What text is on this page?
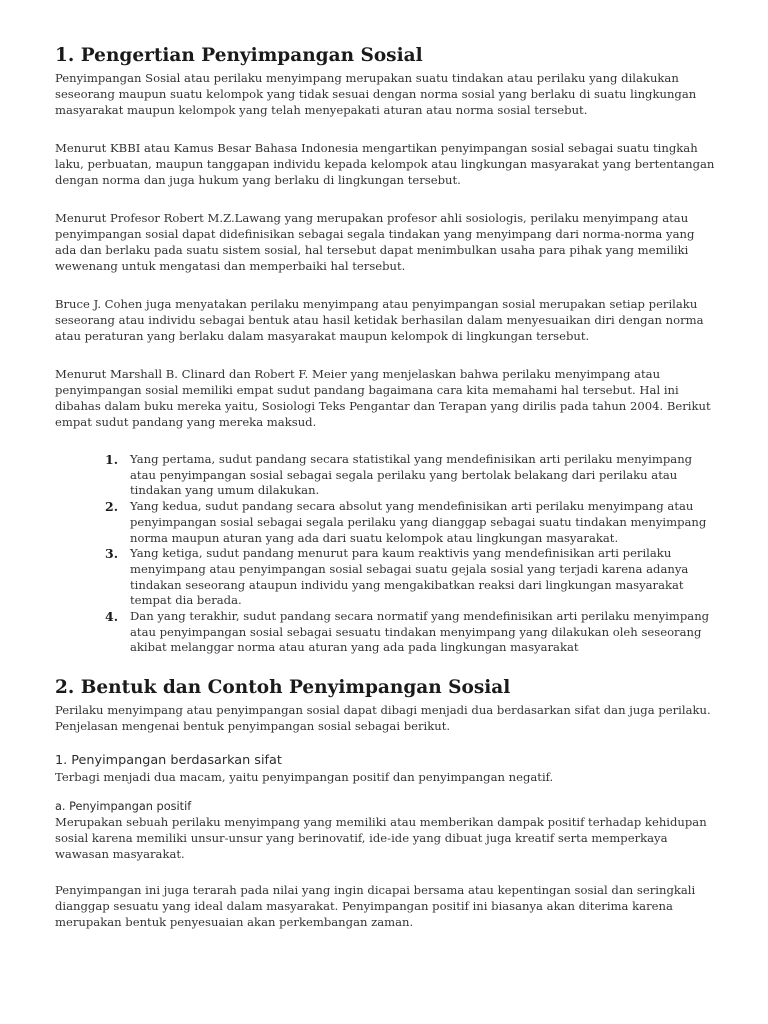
1. Pengertian Penyimpangan Sosial

Penyimpangan Sosial atau perilaku menyimpang merupakan suatu tindakan atau perilaku yang dilakukan seseorang maupun suatu kelompok yang tidak sesuai dengan norma sosial yang berlaku di suatu lingkungan masyarakat maupun kelompok yang telah menyepakati aturan atau norma sosial tersebut.

Menurut KBBI atau Kamus Besar Bahasa Indonesia mengartikan penyimpangan sosial sebagai suatu tingkah laku, perbuatan, maupun tanggapan individu kepada kelompok atau lingkungan masyarakat yang bertentangan dengan norma dan juga hukum yang berlaku di lingkungan tersebut.

Menurut Profesor Robert M.Z.Lawang yang merupakan profesor ahli sosiologis, perilaku menyimpang atau penyimpangan sosial dapat didefinisikan sebagai segala tindakan yang menyimpang dari norma-norma yang ada dan berlaku pada suatu sistem sosial, hal tersebut dapat menimbulkan usaha para pihak yang memiliki wewenang untuk mengatasi dan memperbaiki hal tersebut.

Bruce J. Cohen juga menyatakan perilaku menyimpang atau penyimpangan sosial merupakan setiap perilaku seseorang atau individu sebagai bentuk atau hasil ketidak berhasilan dalam menyesuaikan diri dengan norma atau peraturan yang berlaku dalam masyarakat maupun kelompok di lingkungan tersebut.

Menurut Marshall B. Clinard dan Robert F. Meier yang menjelaskan bahwa perilaku menyimpang atau penyimpangan sosial memiliki empat sudut pandang bagaimana cara kita memahami hal tersebut. Hal ini dibahas dalam buku mereka yaitu, Sosiologi Teks Pengantar dan Terapan yang dirilis pada tahun 2004. Berikut empat sudut pandang yang mereka maksud.

1. Yang pertama, sudut pandang secara statistikal yang mendefinisikan arti perilaku menyimpang atau penyimpangan sosial sebagai segala perilaku yang bertolak belakang dari perilaku atau tindakan yang umum dilakukan.
2. Yang kedua, sudut pandang secara absolut yang mendefinisikan arti perilaku menyimpang atau penyimpangan sosial sebagai segala perilaku yang dianggap sebagai suatu tindakan menyimpang norma maupun aturan yang ada dari suatu kelompok atau lingkungan masyarakat.
3. Yang ketiga, sudut pandang menurut para kaum reaktivis yang mendefinisikan arti perilaku menyimpang atau penyimpangan sosial sebagai suatu gejala sosial yang terjadi karena adanya tindakan seseorang ataupun individu yang mengakibatkan reaksi dari lingkungan masyarakat tempat dia berada.
4. Dan yang terakhir, sudut pandang secara normatif yang mendefinisikan arti perilaku menyimpang atau penyimpangan sosial sebagai sesuatu tindakan menyimpang yang dilakukan oleh seseorang akibat melanggar norma atau aturan yang ada pada lingkungan masyarakat
2. Bentuk dan Contoh Penyimpangan Sosial

Perilaku menyimpang atau penyimpangan sosial dapat dibagi menjadi dua berdasarkan sifat dan juga perilaku. Penjelasan mengenai bentuk penyimpangan sosial sebagai berikut.

1. Penyimpangan berdasarkan sifat

Terbagi menjadi dua macam, yaitu penyimpangan positif dan penyimpangan negatif.

a. Penyimpangan positif

Merupakan sebuah perilaku menyimpang yang memiliki atau memberikan dampak positif terhadap kehidupan sosial karena memiliki unsur-unsur yang berinovatif, ide-ide yang dibuat juga kreatif serta memperkaya wawasan masyarakat.

Penyimpangan ini juga terarah pada nilai yang ingin dicapai bersama atau kepentingan sosial dan seringkali dianggap sesuatu yang ideal dalam masyarakat. Penyimpangan positif ini biasanya akan diterima karena merupakan bentuk penyesuaian akan perkembangan zaman.
